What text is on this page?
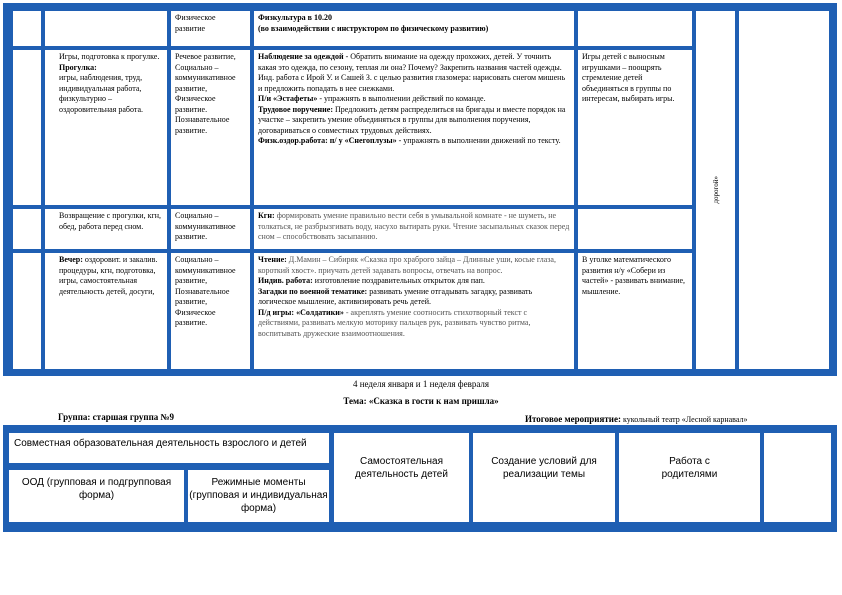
Физическое развитие
Физкультура в 10.20
(во взаимодействии с инструктором по физическому развитию)
Игры, подготовка к прогулке.
Прогулка:
игры, наблюдения, труд, индивидуальная работа, физкультурно – оздоровительная работа.
Речевое развитие, Социально – коммуникативное развитие, Физическое развитие. Познавательное развитие.
Наблюдение за одеждой - Обратить внимание на одежду прохожих, детей. У точнить какая это одежда, по сезону, теплая ли она? Почему? Закрепить названия частей одежды. Инд. работа с Ирой У. и Сашей З. с целью развития глазомера: нарисовать снегом мишень и предложить попадать в нее снежками.
П/и «Эстафеты» - упражнять в выполнении действий по команде.
Трудовое поручение: Предложить детям распределиться на бригады и вместе порядок на участке – закрепить умение объединяться в группы для выполнения поручения, договариваться о совместных трудовых действиях.
Физк.оздор.работа: п/ у «Снегоплузы» - упражнять в выполнении движений по тексту.
Игры детей с выносным игрушками – поощрять стремление детей объединяться в группы по интересам, выбирать игры.
Возвращение с прогулки, кгн, обед, работа перед сном.
Социально – коммуникативное развитие.
Кгн: формировать умение правильно вести себя в умывальной комнате - не шуметь, не толкаться, не разбрызгивать воду, насухо вытирать руки. Чтение засыпальных сказок перед сном – способствовать засыпанию.
Вечер: оздоровит. и закалив. процедуры, кгн, подготовка, игры, самостоятельная деятельность детей, досуги,
Социально – коммуникативное развитие, Познавательное развитие, Физическое развитие.
Чтение: Д.Мамин – Сибиряк «Сказка про храброго зайца – Длинные уши, косые глаза, короткий хвост». приучать детей задавать вопросы, отвечать на вопрос.
Индив. работа: изготовление поздравительных открыток для пап.
Загадки по военной тематике: развивать умение отгадывать загадку, развивать логическое мышление, активизировать речь детей.
П/д игры: «Солдатики» - акреплять умение соотносить стихотворный текст с действиями, развивать мелкую моторику пальцев рук, развивать чувство ритма, воспитывать дружеские взаимоотношения.
В уголке математического развития н/у «Собери из частей» - развивать внимание, мышление.
дорогой»
4 неделя января и 1 неделя февраля
Тема: «Сказка в гости к нам пришла»
Группа: старшая группа №9	Итоговое мероприятие: кукольный театр «Лесной карнавал»
Совместная образовательная деятельность взрослого и детей
ООД (групповая и подгрупповая форма)
Режимные моменты (групповая и индивидуальная форма)
Самостоятельная деятельность детей
Создание условий для реализации темы
Работа с родителями
